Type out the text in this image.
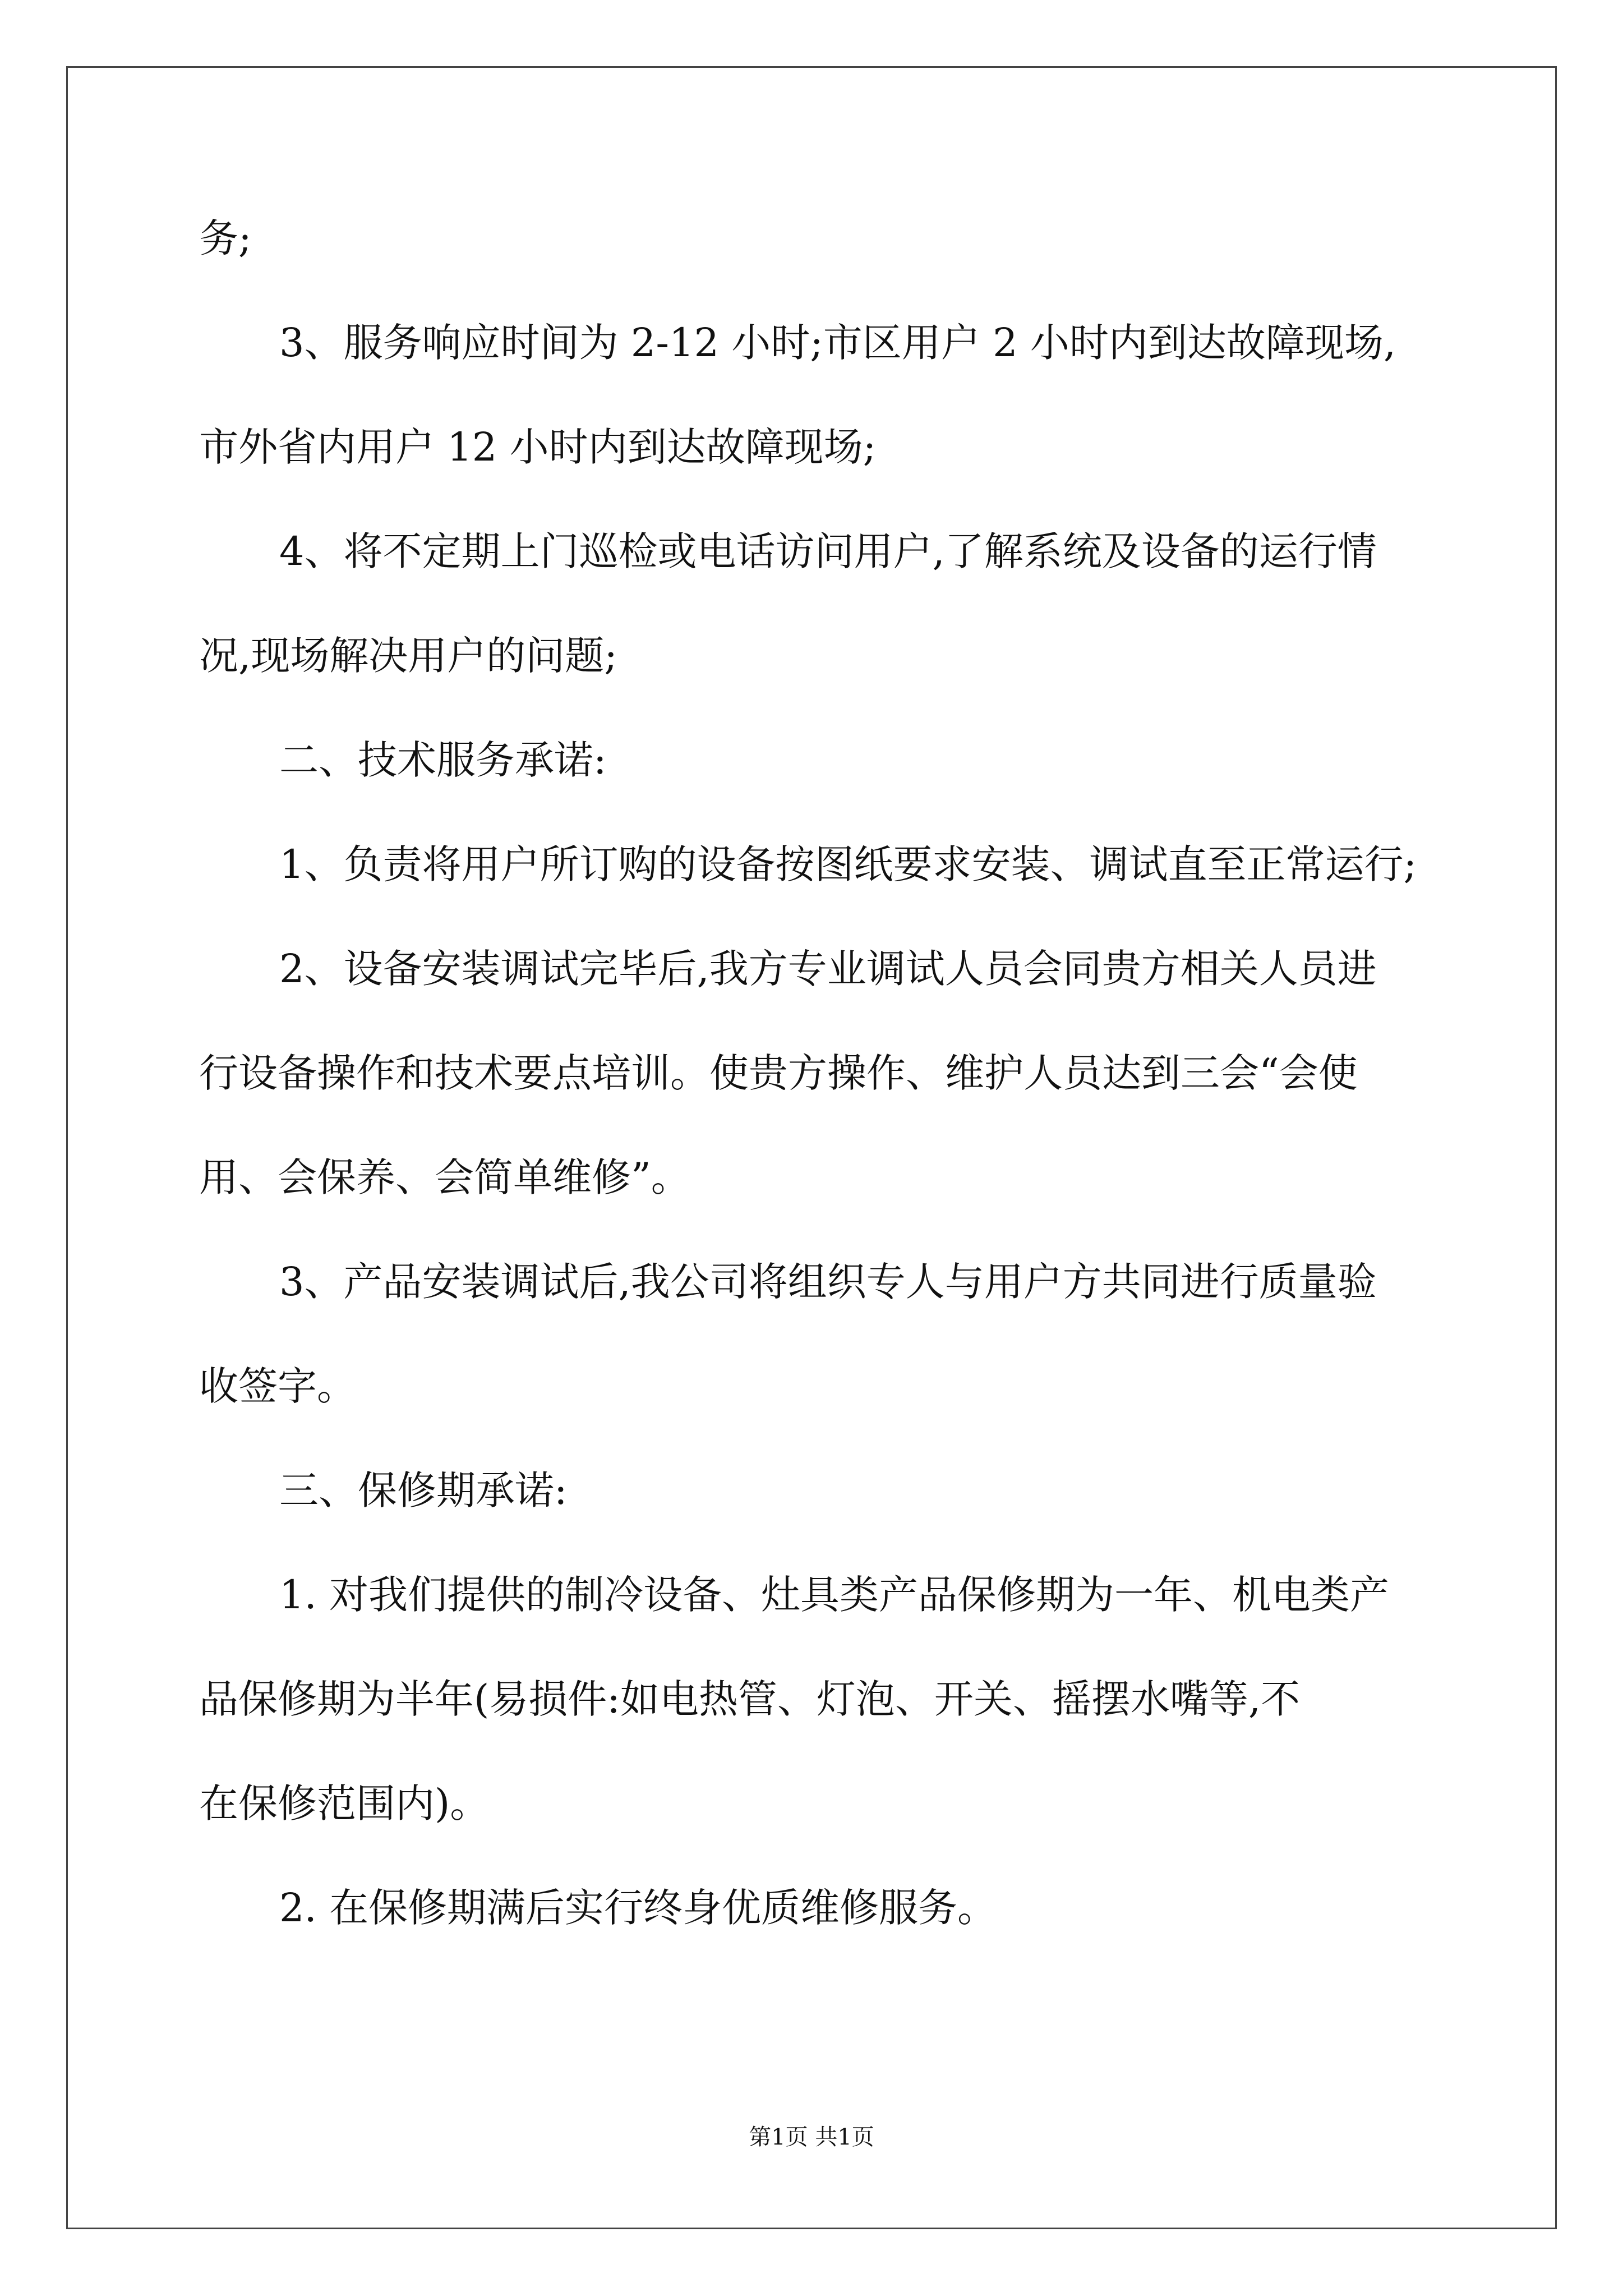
务;
3、服务响应时间为 2-12 小时;市区用户 2 小时内到达故障现场,
市外省内用户 12 小时内到达故障现场;
4、将不定期上门巡检或电话访问用户,了解系统及设备的运行情
况,现场解决用户的问题;
二、技术服务承诺:
1、负责将用户所订购的设备按图纸要求安装、调试直至正常运行;
2、设备安装调试完毕后,我方专业调试人员会同贵方相关人员进
行设备操作和技术要点培训。使贵方操作、维护人员达到三会“会使
用、会保养、会简单维修”。
3、产品安装调试后,我公司将组织专人与用户方共同进行质量验
收签字。
三、保修期承诺:
1. 对我们提供的制冷设备、灶具类产品保修期为一年、机电类产
品保修期为半年(易损件:如电热管、灯泡、开关、摇摆水嘴等,不
在保修范围内)。
2. 在保修期满后实行终身优质维修服务。
第1页 共1页
